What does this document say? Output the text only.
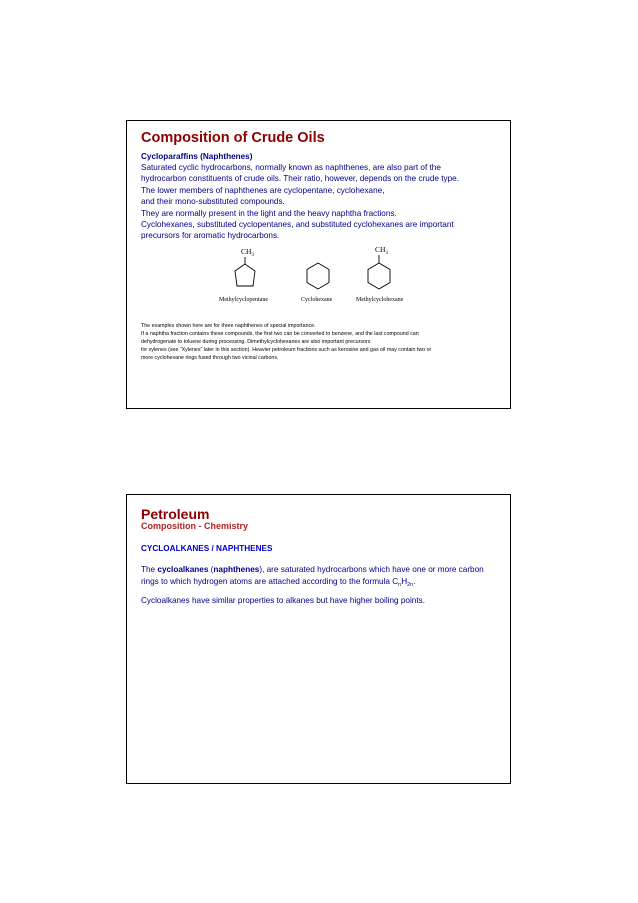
Composition of Crude Oils
Cycloparaffins (Naphthenes)
Saturated cyclic hydrocarbons, normally known as naphthenes, are also part of the
hydrocarbon constituents of crude oils. Their ratio, however, depends on the crude type.
The lower members of naphthenes are cyclopentane, cyclohexane,
and their mono-substituted compounds.
They are normally present in the light and the heavy naphtha fractions.
Cyclohexanes, substituted cyclopentanes, and substituted cyclohexanes are important
precursors for aromatic hydrocarbons.
$CH_3$
$CH_3$
Methylcyclopentane	Cyclohexane	Methylcyclohexane
The examples shown here are for three naphthenes of special importance.
If a naphtha fraction contains these compounds, the first two can be converted to benzene, and the last compound can
dehydrogenate to toluene during processing. Dimethylcyclohexanes are also important precursors
for xylenes (see “Xylenes” later in this section). Heavier petroleum fractions such as kerosine and gas oil may contain two or
more cyclohexane rings fused through two vicinal carbons.
Petroleum
Composition - Chemistry
CYCLOALKANES / NAPHTHENES
The cycloalkanes (naphthenes), are saturated hydrocarbons which have one or more carbon
rings to which hydrogen atoms are attached according to the formula $C_nH_{2n}$.
Cycloalkanes have similar properties to alkanes but have higher boiling points.
